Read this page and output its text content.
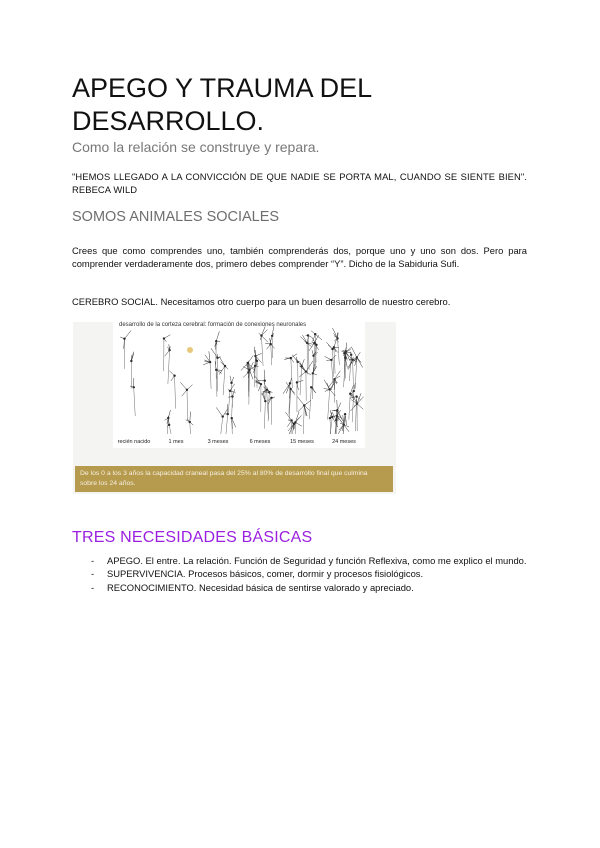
APEGO Y TRAUMA DEL DESARROLLO.
Como la relación se construye y repara.
"HEMOS LLEGADO A LA CONVICCIÓN DE QUE NADIE SE PORTA MAL, CUANDO SE SIENTE BIEN". REBECA WILD
SOMOS ANIMALES SOCIALES
Crees que como comprendes uno, también comprenderás dos, porque uno y uno son dos. Pero para comprender verdaderamente dos, primero debes comprender “Y”. Dicho de la Sabiduria Sufi.
CEREBRO SOCIAL. Necesitamos otro cuerpo para un buen desarrollo de nuestro cerebro.
recién nacido	1 mes	3 meses	6 meses	15 meses	24 meses
desarrollo de la corteza cerebral: formación de conexiones neuronales
De los 0 a los 3 años la capacidad craneal pasa del 25% al 80% de desarrollo final que culmina sobre los 24 años.
TRES NECESIDADES BÁSICAS
- APEGO. El entre. La relación. Función de Seguridad y función Reflexiva, como me explico el mundo.
- SUPERVIVENCIA. Procesos básicos, comer, dormir y procesos fisiológicos.
- RECONOCIMIENTO. Necesidad básica de sentirse valorado y apreciado.
